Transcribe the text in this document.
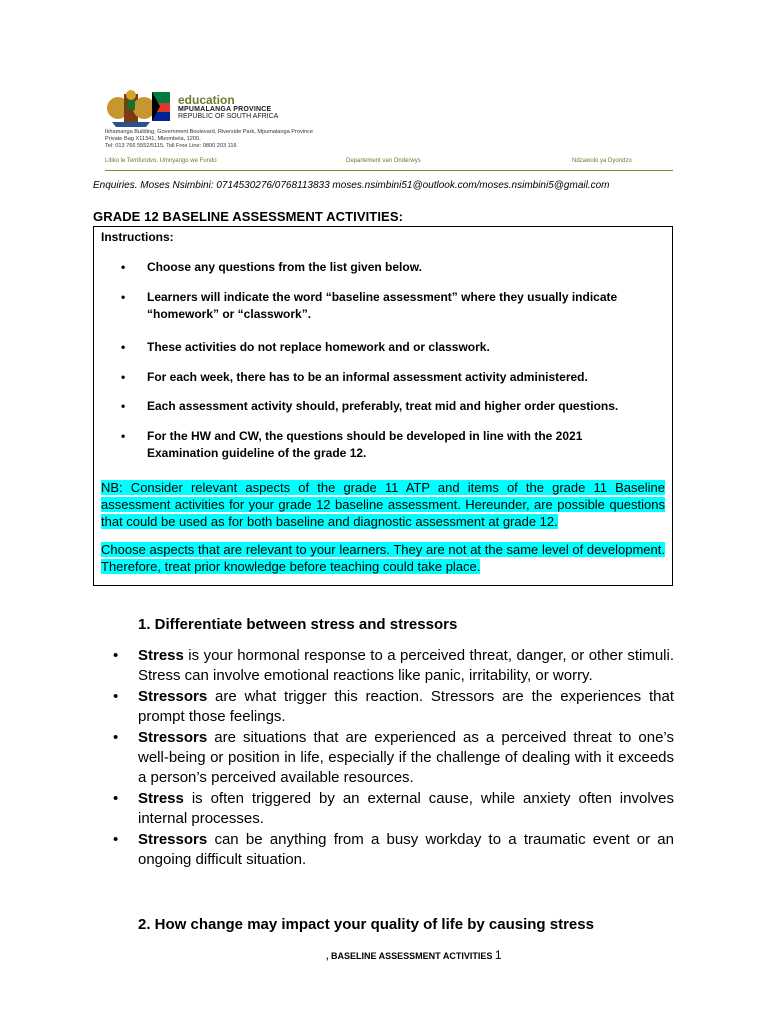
education
MPUMALANGA PROVINCE
REPUBLIC OF SOUTH AFRICA
Ikhamanga Building, Government Boulevard, Riverside Park, Mpumalanga Province
Private Bag X11341, Mbombela, 1200.
Tel: 013 766 5552/5115, Toll Free Line: 0800 203 116
Litiko le Temfundvo, Umnyango we Fundo	Departement van Onderwys	Ndzawulo ya Dyondzo
Enquiries. Moses Nsimbini: 0714530276/0768113833 moses.nsimbini51@outlook.com/moses.nsimbini5@gmail.com
GRADE 12 BASELINE ASSESSMENT ACTIVITIES:
Instructions:
• Choose any questions from the list given below.
• Learners will indicate the word “baseline assessment” where they usually indicate “homework” or “classwork”.
• These activities do not replace homework and or classwork.
• For each week, there has to be an informal assessment activity administered.
• Each assessment activity should, preferably, treat mid and higher order questions.
• For the HW and CW, the questions should be developed in line with the 2021 Examination guideline of the grade 12.
NB: Consider relevant aspects of the grade 11 ATP and items of the grade 11 Baseline assessment activities for your grade 12 baseline assessment. Hereunder, are possible questions that could be used as for both baseline and diagnostic assessment at grade 12.
Choose aspects that are relevant to your learners. They are not at the same level of development. Therefore, treat prior knowledge before teaching could take place.
1. Differentiate between stress and stressors
• Stress is your hormonal response to a perceived threat, danger, or other stimuli. Stress can involve emotional reactions like panic, irritability, or worry.
• Stressors are what trigger this reaction. Stressors are the experiences that prompt those feelings.
• Stressors are situations that are experienced as a perceived threat to one’s well-being or position in life, especially if the challenge of dealing with it exceeds a person’s perceived available resources.
• Stress is often triggered by an external cause, while anxiety often involves internal processes.
• Stressors can be anything from a busy workday to a traumatic event or an ongoing difficult situation.
2. How change may impact your quality of life by causing stress
, BASELINE ASSESSMENT ACTIVITIES 1
